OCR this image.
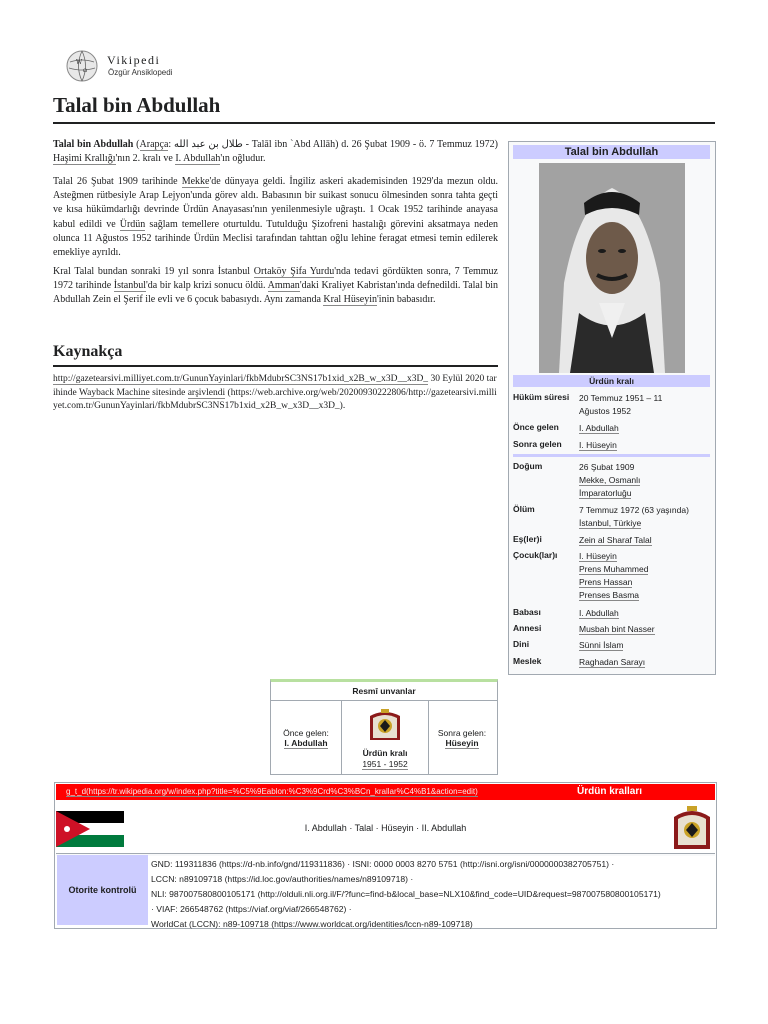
W
Ω
Vikipedi
Özgür Ansiklopedi
Talal bin Abdullah
Talal bin Abdullah (Arapça: طلال بن عبد الله - Talāl ibn `Abd Allāh) d. 26 Şubat 1909 - ö. 7 Temmuz 1972) Haşimi Krallığı'nın 2. kralı ve I. Abdullah'ın oğludur.
Talal 26 Şubat 1909 tarihinde Mekke'de dünyaya geldi. İngiliz askeri akademisinden 1929'da mezun oldu. Asteğmen rütbesiyle Arap Lejyon'unda görev aldı. Babasının bir suikast sonucu ölmesinden sonra tahta geçti ve kısa hükümdarlığı devrinde Ürdün Anayasası'nın yenilenmesiyle uğraştı. 1 Ocak 1952 tarihinde anayasa kabul edildi ve Ürdün sağlam temellere oturtuldu. Tutulduğu Şizofreni hastalığı görevini aksatmaya neden olunca 11 Ağustos 1952 tarihinde Ürdün Meclisi tarafından tahttan oğlu lehine feragat etmesi temin edilerek emekliye ayrıldı.
Kral Talal bundan sonraki 19 yıl sonra İstanbul Ortaköy Şifa Yurdu'nda tedavi gördükten sonra, 7 Temmuz 1972 tarihinde İstanbul'da bir kalp krizi sonucu öldü. Amman'daki Kraliyet Kabristan'ında defnedildi. Talal bin Abdullah Zein el Şerif ile evli ve 6 çocuk babasıydı. Aynı zamanda Kral Hüseyin'inin babasıdır.
Kaynakça
http://gazetearsivi.milliyet.com.tr/GununYayinlari/fkbMdubrSC3NS17b1xid_x2B_w_x3D__x3D_ 30 Eylül 2020 tarihinde Wayback Machine sitesinde arşivlendi (https://web.archive.org/web/20200930222806/http://gazetearsivi.milliyet.com.tr/GununYayinlari/fkbMdubrSC3NS17b1xid_x2B_w_x3D__x3D_).
Talal bin Abdullah
Ürdün kralı
Hüküm süresi	20 Temmuz 1951 – 11
Ağustos 1952
Önce gelen	I. Abdullah
Sonra gelen	I. Hüseyin
Doğum	26 Şubat 1909
Mekke, Osmanlı
İmparatorluğu
Ölüm	7 Temmuz 1972 (63 yaşında)
İstanbul, Türkiye
Eş(ler)i	Zein al Sharaf Talal
Çocuk(lar)ı	I. Hüseyin
Prens Muhammed
Prens Hassan
Prenses Basma
Babası	I. Abdullah
Annesi	Musbah bint Nasser
Dini	Sünni İslam
Meslek	Raghadan Sarayı
Resmî unvanlar
Önce gelen:
I. Abdullah
Ürdün kralı
1951 - 1952
Sonra gelen:
Hüseyin
g_t_d(https://tr.wikipedia.org/w/index.php?title=%C5%9Eablon:%C3%9Crd%C3%BCn_krallar%C4%B1&action=edit)	Ürdün kralları
I. Abdullah · Talal · Hüseyin · II. Abdullah
Otorite kontrolü
GND: 119311836 (https://d-nb.info/gnd/119311836) · ISNI: 0000 0003 8270 5751 (http://isni.org/isni/0000000382705751) ·
LCCN: n89109718 (https://id.loc.gov/authorities/names/n89109718) ·
NLI: 987007580800105171 (http://olduli.nli.org.il/F/?func=find-b&local_base=NLX10&find_code=UID&request=987007580800105171)
· VIAF: 266548762 (https://viaf.org/viaf/266548762) ·
WorldCat (LCCN): n89-109718 (https://www.worldcat.org/identities/lccn-n89-109718)
